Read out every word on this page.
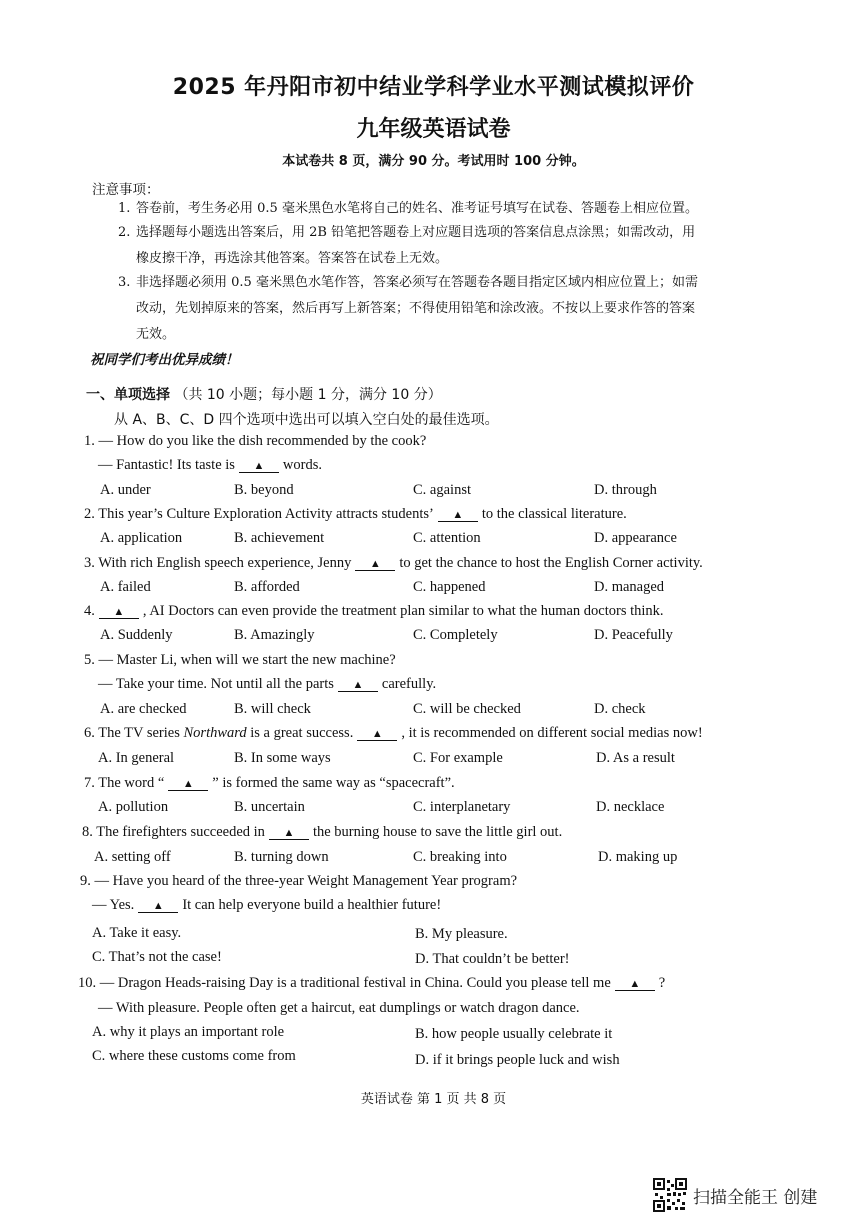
2025 年丹阳市初中结业学科学业水平测试模拟评价
九年级英语试卷
本试卷共 8 页，满分 90 分。考试用时 100 分钟。
注意事项：
1. 答卷前，考生务必用 0.5 毫米黑色水笔将自己的姓名、准考证号填写在试卷、答题卷上相应位置。
2. 选择题每小题选出答案后，用 2B 铅笔把答题卷上对应题目选项的答案信息点涂黑；如需改动，用
橡皮擦干净，再选涂其他答案。答案答在试卷上无效。
3. 非选择题必须用 0.5 毫米黑色水笔作答，答案必须写在答题卷各题目指定区域内相应位置上；如需
改动，先划掉原来的答案，然后再写上新答案；不得使用铅笔和涂改液。不按以上要求作答的答案
无效。
祝同学们考出优异成绩！
一、单项选择 （共 10 小题；每小题 1 分，满分 10 分）
从 A、B、C、D 四个选项中选出可以填入空白处的最佳选项。
1. — How do you like the dish recommended by the cook?
— Fantastic! Its taste is ▲ words.
A. under	B. beyond	C. against	D. through
2. This year’s Culture Exploration Activity attracts students’ ▲ to the classical literature.
A. application	B. achievement	C. attention	D. appearance
3. With rich English speech experience, Jenny ▲ to get the chance to host the English Corner activity.
A. failed	B. afforded	C. happened	D. managed
4. ▲ , AI Doctors can even provide the treatment plan similar to what the human doctors think.
A. Suddenly	B. Amazingly	C. Completely	D. Peacefully
5. — Master Li, when will we start the new machine?
— Take your time. Not until all the parts ▲ carefully.
A. are checked	B. will check	C. will be checked	D. check
6. The TV series Northward is a great success. ▲ , it is recommended on different social medias now!
A. In general	B. In some ways	C. For example	D. As a result
7. The word “ ▲ ” is formed the same way as “spacecraft”.
A. pollution	B. uncertain	C. interplanetary	D. necklace
8. The firefighters succeeded in ▲ the burning house to save the little girl out.
A. setting off	B. turning down	C. breaking into	D. making up
9. — Have you heard of the three-year Weight Management Year program?
— Yes. ▲ It can help everyone build a healthier future!
A. Take it easy.	B. My pleasure.
C. That’s not the case!	D. That couldn’t be better!
10. — Dragon Heads-raising Day is a traditional festival in China. Could you please tell me ▲ ?
— With pleasure. People often get a haircut, eat dumplings or watch dragon dance.
A. why it plays an important role	B. how people usually celebrate it
C. where these customs come from	D. if it brings people luck and wish
英语试卷 第 1 页 共 8 页
扫描全能王 创建
